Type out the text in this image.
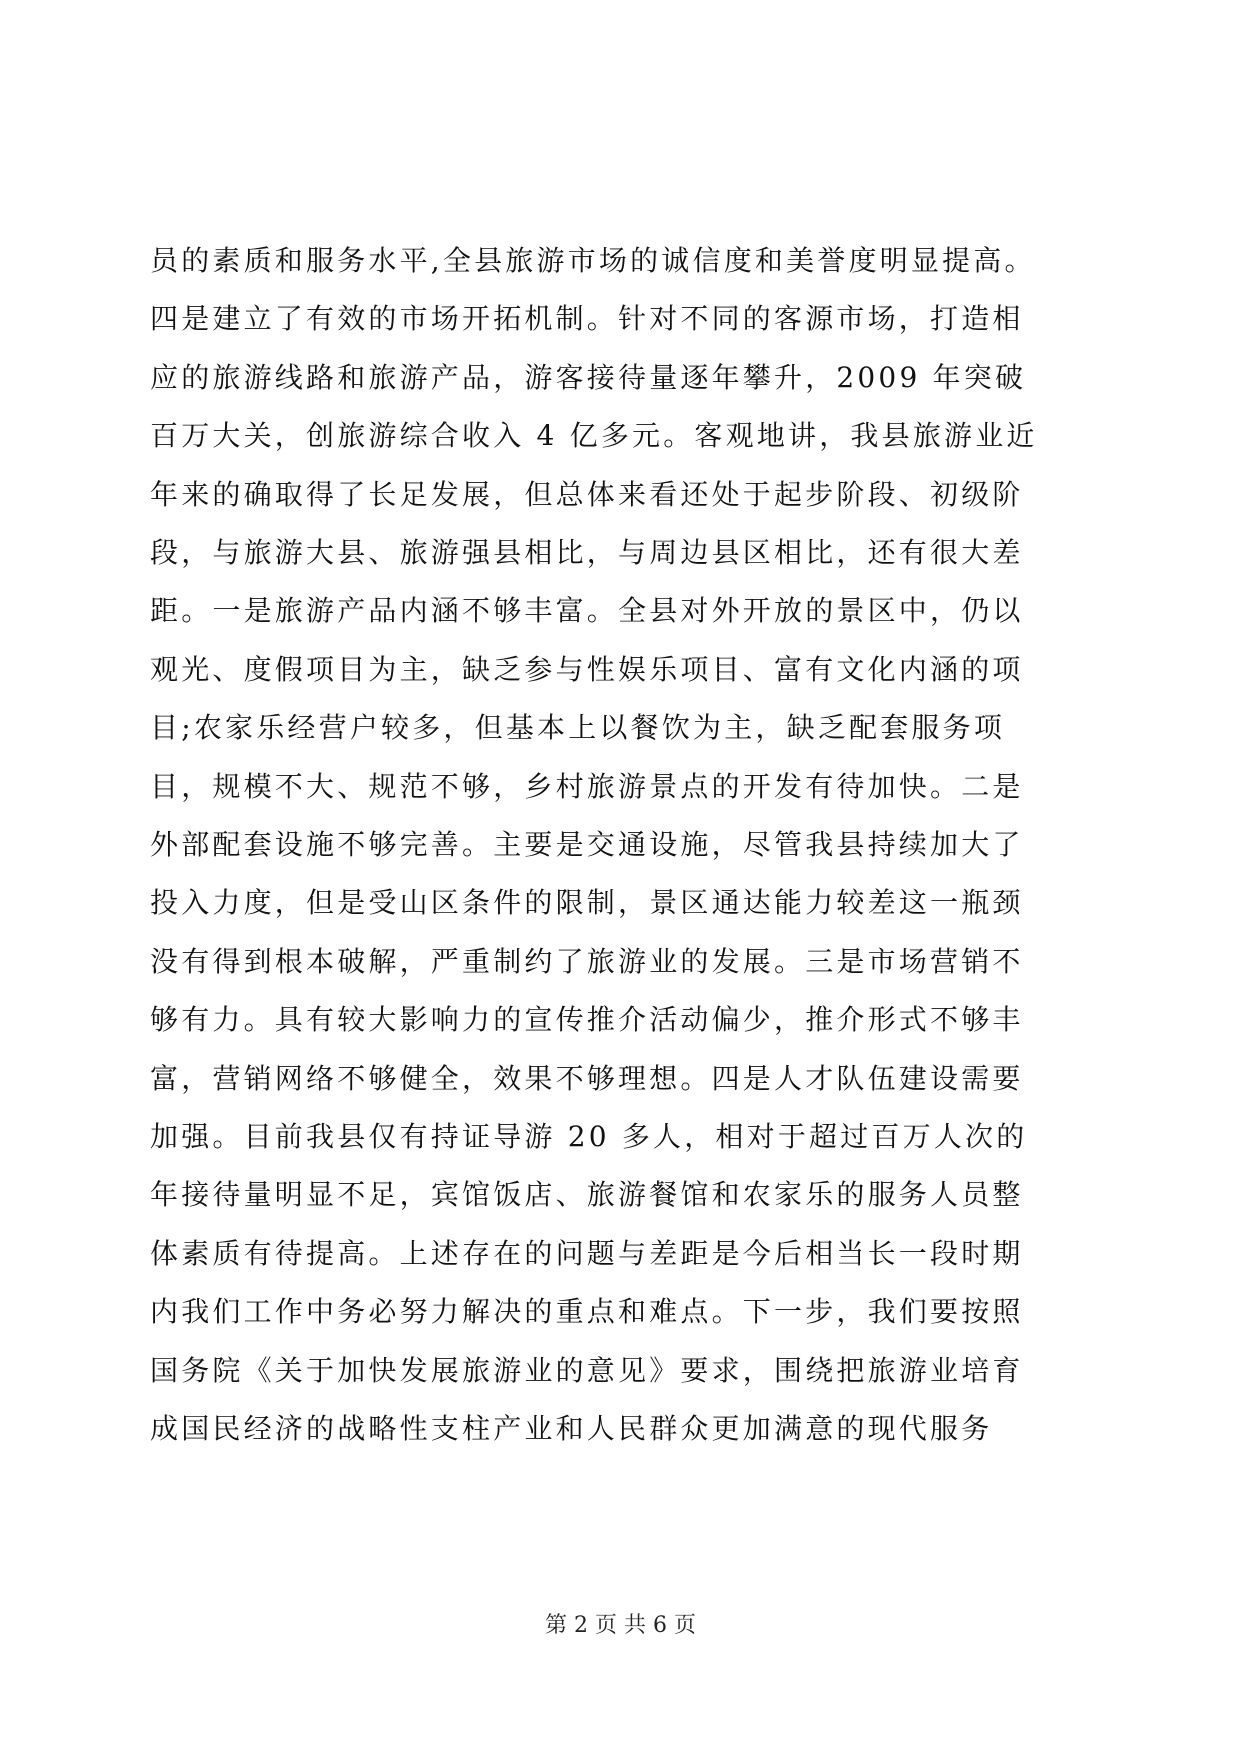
员的素质和服务水平,全县旅游市场的诚信度和美誉度明显提高。
四是建立了有效的市场开拓机制。针对不同的客源市场，打造相
应的旅游线路和旅游产品，游客接待量逐年攀升，2009 年突破
百万大关，创旅游综合收入 4 亿多元。客观地讲，我县旅游业近
年来的确取得了长足发展，但总体来看还处于起步阶段、初级阶
段，与旅游大县、旅游强县相比，与周边县区相比，还有很大差
距。一是旅游产品内涵不够丰富。全县对外开放的景区中，仍以
观光、度假项目为主，缺乏参与性娱乐项目、富有文化内涵的项
目;农家乐经营户较多，但基本上以餐饮为主，缺乏配套服务项
目，规模不大、规范不够，乡村旅游景点的开发有待加快。二是
外部配套设施不够完善。主要是交通设施，尽管我县持续加大了
投入力度，但是受山区条件的限制，景区通达能力较差这一瓶颈
没有得到根本破解，严重制约了旅游业的发展。三是市场营销不
够有力。具有较大影响力的宣传推介活动偏少，推介形式不够丰
富，营销网络不够健全，效果不够理想。四是人才队伍建设需要
加强。目前我县仅有持证导游 20 多人，相对于超过百万人次的
年接待量明显不足，宾馆饭店、旅游餐馆和农家乐的服务人员整
体素质有待提高。上述存在的问题与差距是今后相当长一段时期
内我们工作中务必努力解决的重点和难点。下一步，我们要按照
国务院《关于加快发展旅游业的意见》要求，围绕把旅游业培育
成国民经济的战略性支柱产业和人民群众更加满意的现代服务
第 2 页 共 6 页
